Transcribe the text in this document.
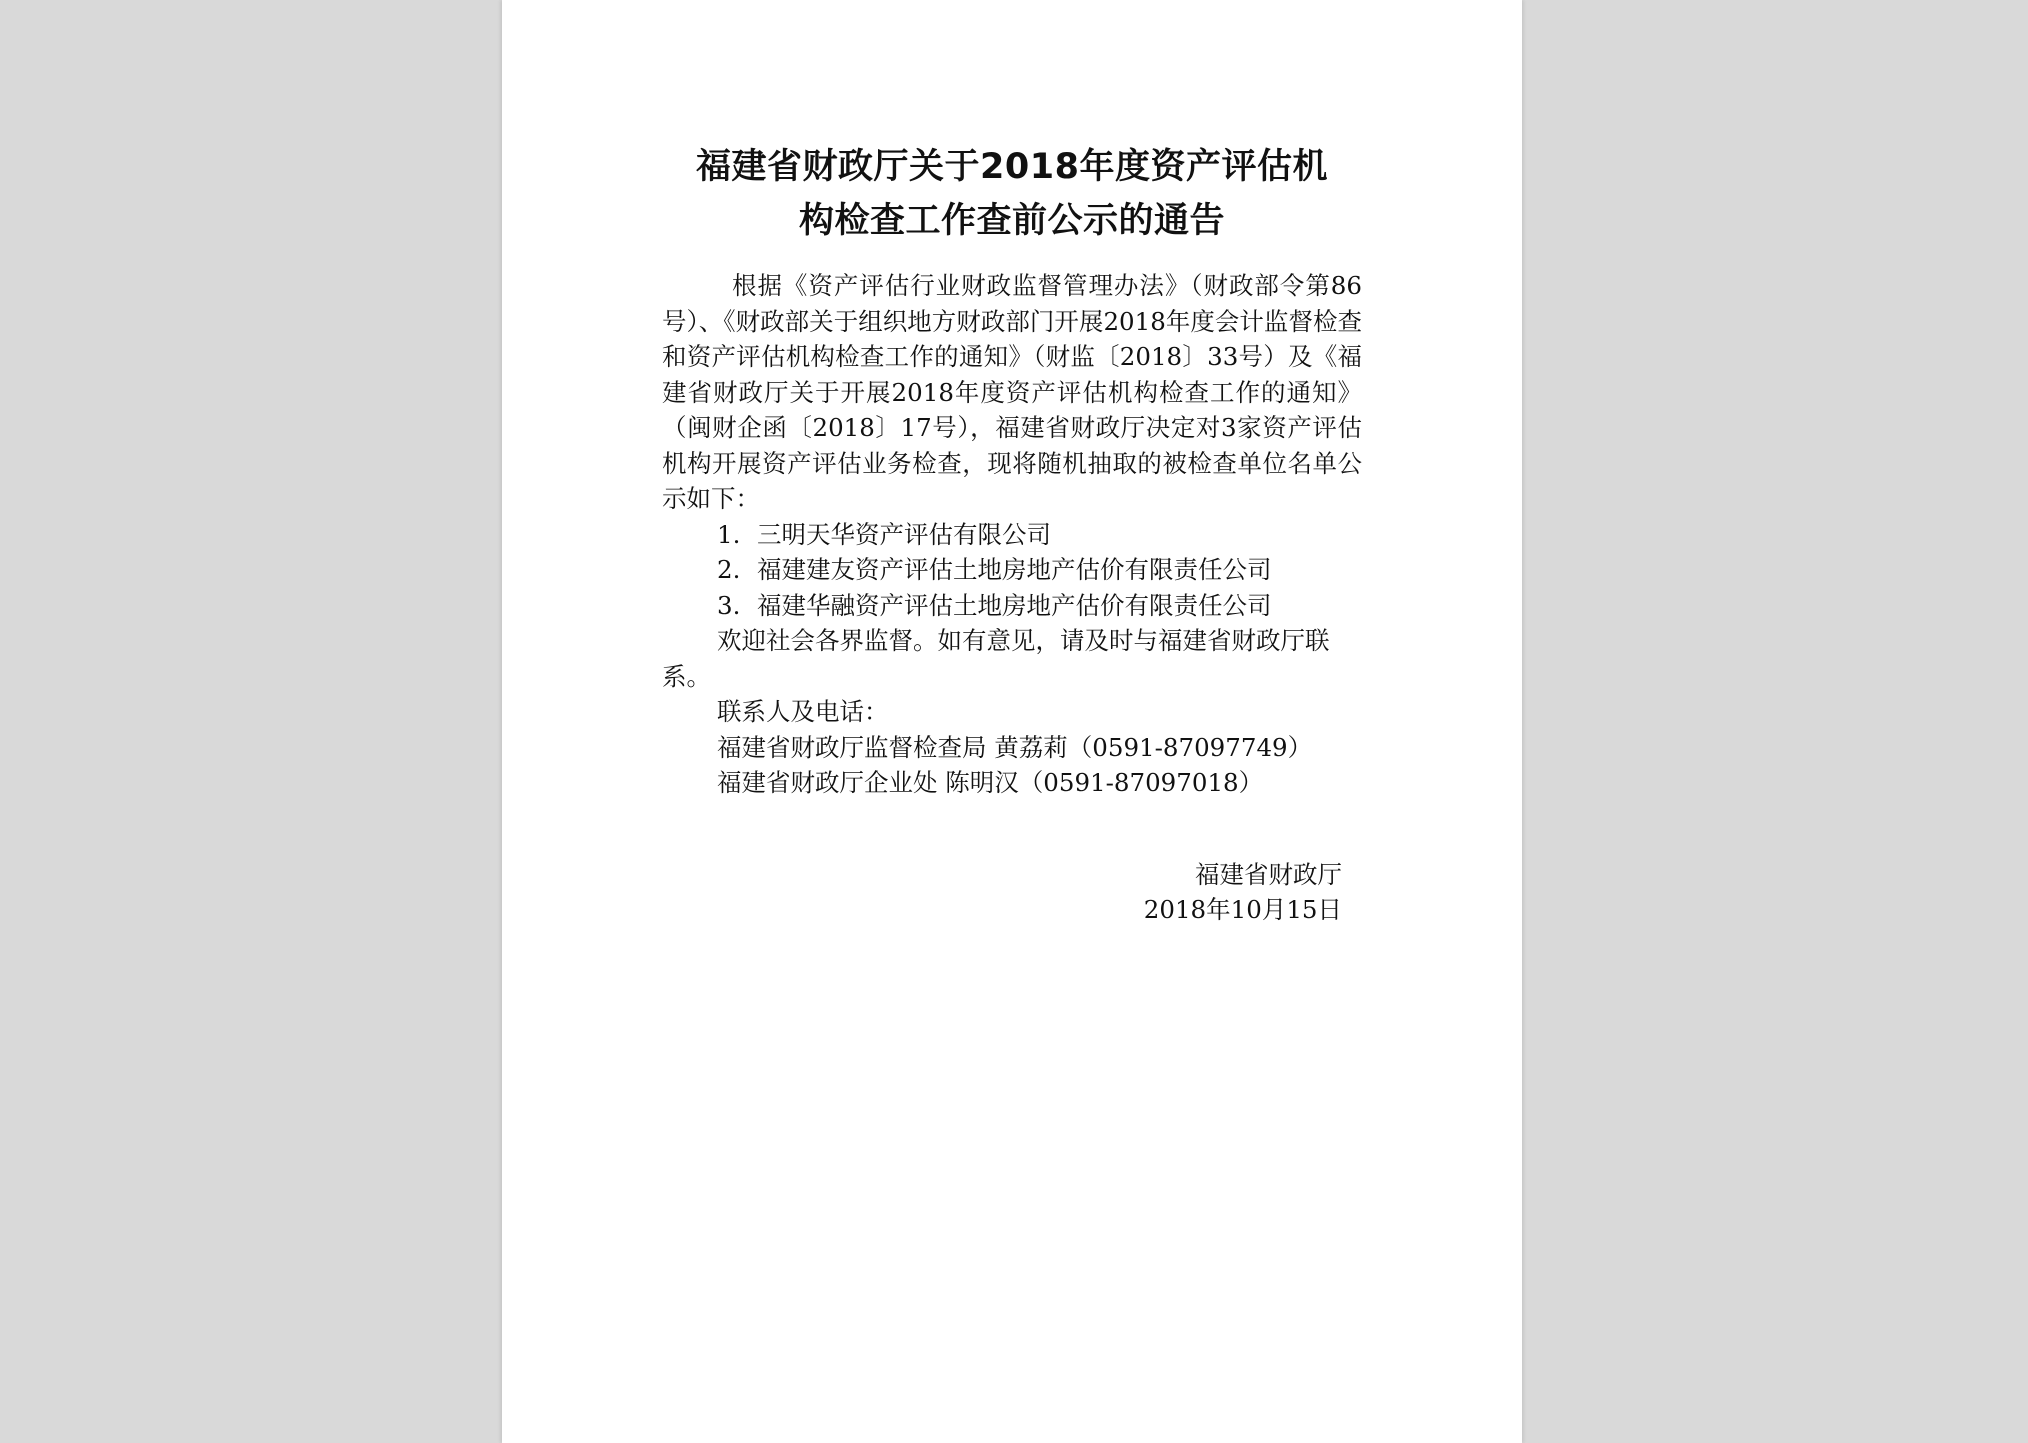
福建省财政厅关于2018年度资产评估机
构检查工作查前公示的通告

根据《资产评估行业财政监督管理办法》（财政部令第86号）、《财政部关于组织地方财政部门开展2018年度会计监督检查和资产评估机构检查工作的通知》（财监〔2018〕33号）及《福建省财政厅关于开展2018年度资产评估机构检查工作的通知》（闽财企函〔2018〕17号），福建省财政厅决定对3家资产评估机构开展资产评估业务检查，现将随机抽取的被检查单位名单公示如下：

1. 三明天华资产评估有限公司
2. 福建建友资产评估土地房地产估价有限责任公司
3. 福建华融资产评估土地房地产估价有限责任公司

欢迎社会各界监督。如有意见，请及时与福建省财政厅联系。

联系人及电话：

福建省财政厅监督检查局 黄荔莉（0591-87097749）

福建省财政厅企业处 陈明汉（0591-87097018）

福建省财政厅
2018年10月15日
